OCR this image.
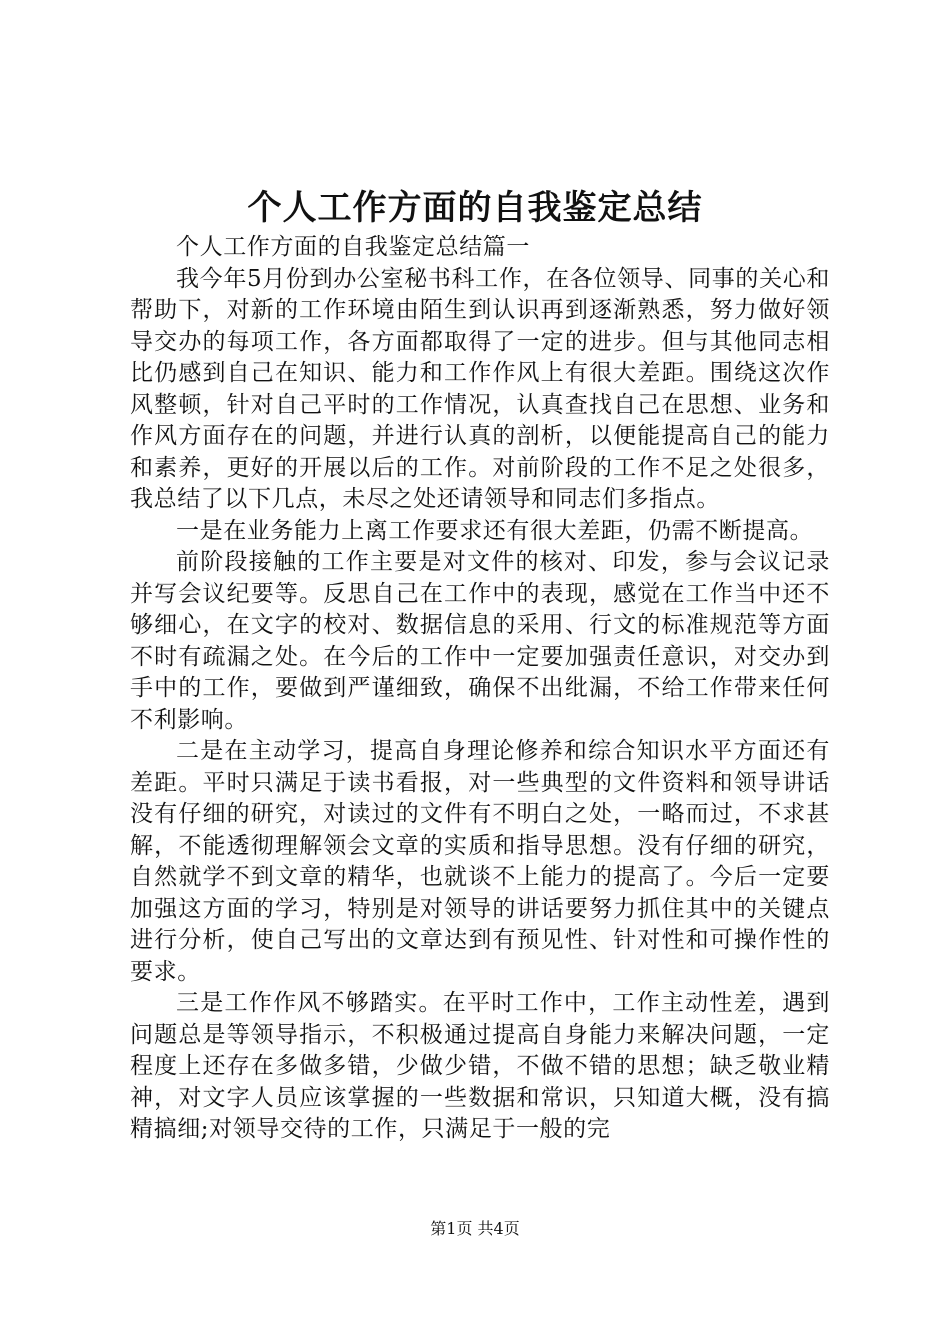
个人工作方面的自我鉴定总结

个人工作方面的自我鉴定总结篇一

我今年5月份到办公室秘书科工作，在各位领导、同事的关心和帮助下，对新的工作环境由陌生到认识再到逐渐熟悉，努力做好领导交办的每项工作，各方面都取得了一定的进步。但与其他同志相比仍感到自己在知识、能力和工作作风上有很大差距。围绕这次作风整顿，针对自己平时的工作情况，认真查找自己在思想、业务和作风方面存在的问题，并进行认真的剖析，以便能提高自己的能力和素养，更好的开展以后的工作。对前阶段的工作不足之处很多，我总结了以下几点，未尽之处还请领导和同志们多指点。

一是在业务能力上离工作要求还有很大差距，仍需不断提高。

前阶段接触的工作主要是对文件的核对、印发，参与会议记录并写会议纪要等。反思自己在工作中的表现，感觉在工作当中还不够细心，在文字的校对、数据信息的采用、行文的标准规范等方面不时有疏漏之处。在今后的工作中一定要加强责任意识，对交办到手中的工作，要做到严谨细致，确保不出纰漏，不给工作带来任何不利影响。

二是在主动学习，提高自身理论修养和综合知识水平方面还有差距。平时只满足于读书看报，对一些典型的文件资料和领导讲话没有仔细的研究，对读过的文件有不明白之处，一略而过，不求甚解，不能透彻理解领会文章的实质和指导思想。没有仔细的研究，自然就学不到文章的精华，也就谈不上能力的提高了。今后一定要加强这方面的学习，特别是对领导的讲话要努力抓住其中的关键点进行分析，使自己写出的文章达到有预见性、针对性和可操作性的要求。

三是工作作风不够踏实。在平时工作中，工作主动性差，遇到问题总是等领导指示，不积极通过提高自身能力来解决问题，一定程度上还存在多做多错，少做少错，不做不错的思想；缺乏敬业精神，对文字人员应该掌握的一些数据和常识，只知道大概，没有搞精搞细;对领导交待的工作，只满足于一般的完

第1页 共4页
